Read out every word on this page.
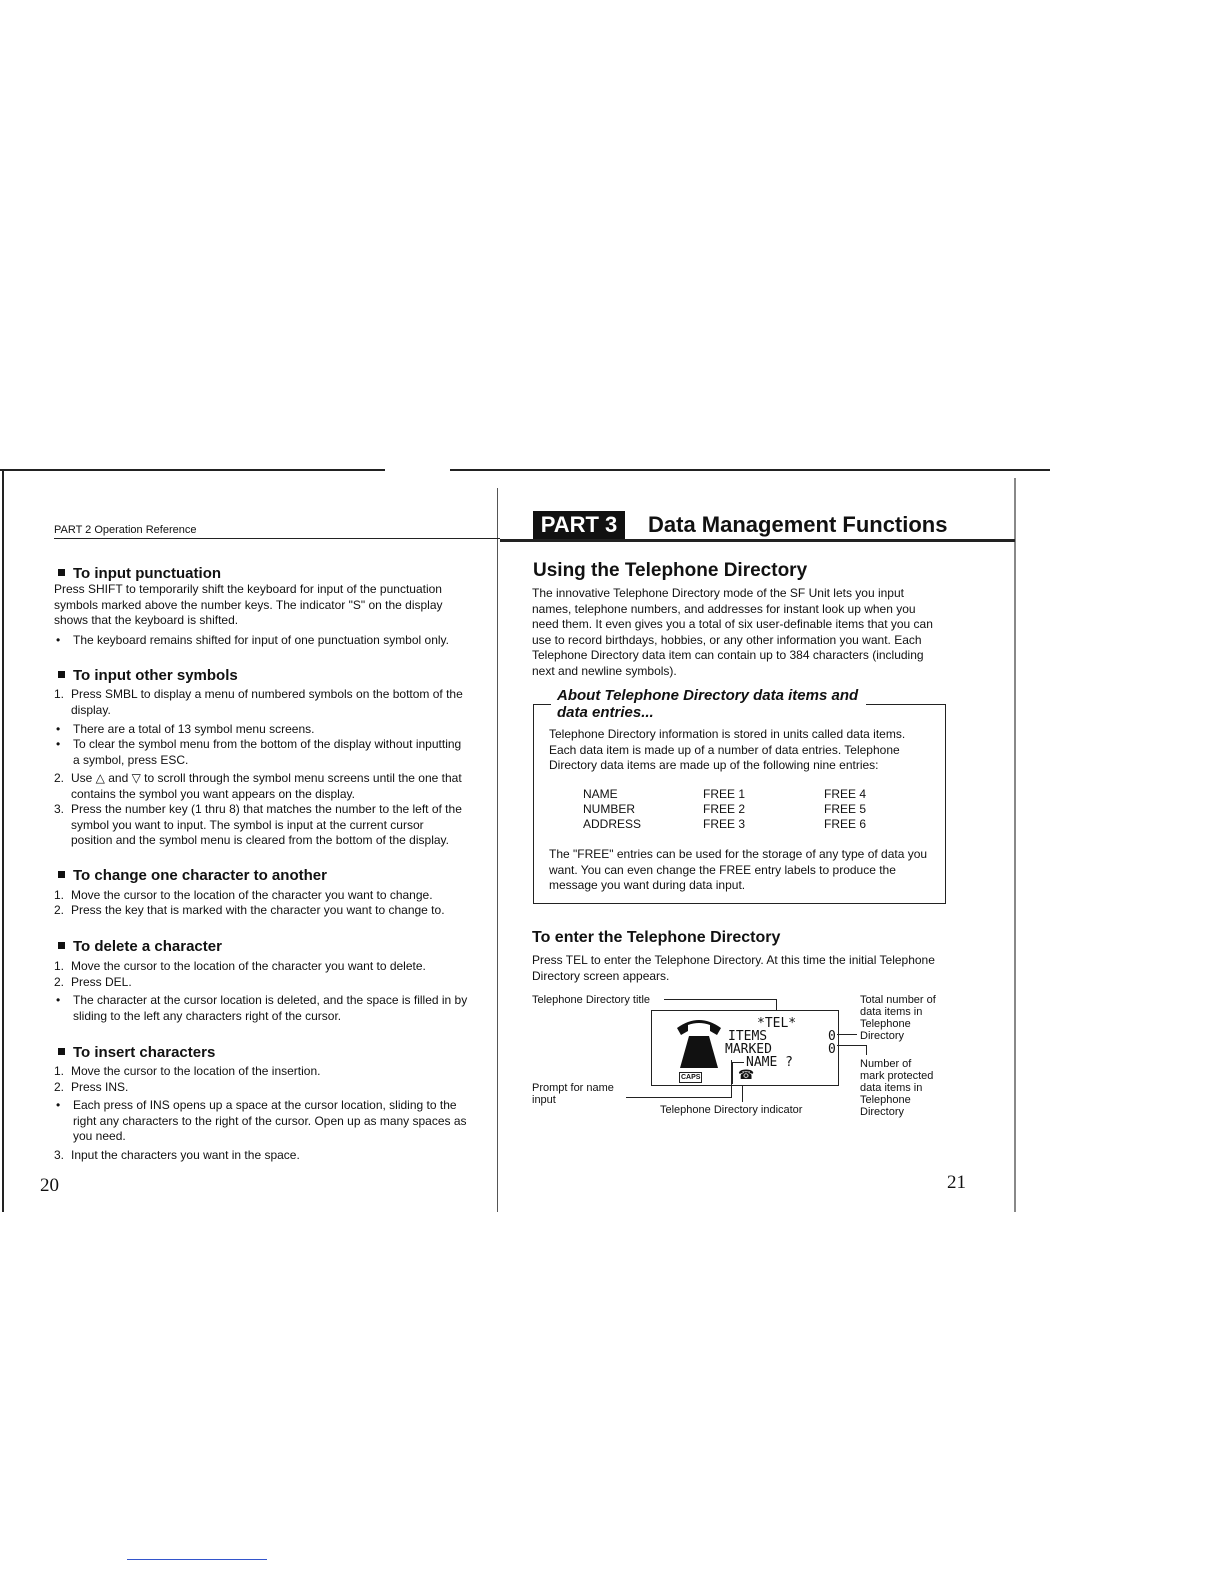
PART 2 Operation Reference
To input punctuation

Press SHIFT to temporarily shift the keyboard for input of the punctuation symbols marked above the number keys. The indicator "S" on the display shows that the keyboard is shifted.

• The keyboard remains shifted for input of one punctuation symbol only.
To input other symbols
1. Press SMBL to display a menu of numbered symbols on the bottom of the display.
• There are a total of 13 symbol menu screens.
• To clear the symbol menu from the bottom of the display without inputting a symbol, press ESC.
2. Use △ and ▽ to scroll through the symbol menu screens until the one that contains the symbol you want appears on the display.
3. Press the number key (1 thru 8) that matches the number to the left of the symbol you want to input. The symbol is input at the current cursor position and the symbol menu is cleared from the bottom of the display.
To change one character to another
1. Move the cursor to the location of the character you want to change.
2. Press the key that is marked with the character you want to change to.
To delete a character
1. Move the cursor to the location of the character you want to delete.
2. Press DEL.
• The character at the cursor location is deleted, and the space is filled in by sliding to the left any characters right of the cursor.
To insert characters
1. Move the cursor to the location of the insertion.
2. Press INS.
• Each press of INS opens up a space at the cursor location, sliding to the right any characters to the right of the cursor. Open up as many spaces as you need.
3. Input the characters you want in the space.
20
PART 3	Data Management Functions
Using the Telephone Directory

The innovative Telephone Directory mode of the SF Unit lets you input names, telephone numbers, and addresses for instant look up when you need them. It even gives you a total of six user-definable items that you can use to record birthdays, hobbies, or any other information you want. Each Telephone Directory data item can contain up to 384 characters (including next and newline symbols).

About Telephone Directory data items and
data entries...

Telephone Directory information is stored in units called data items. Each data item is made up of a number of data entries. Telephone Directory data items are made up of the following nine entries:

NAME	FREE 1	FREE 4
NUMBER	FREE 2	FREE 5
ADDRESS	FREE 3	FREE 6

The "FREE" entries can be used for the storage of any type of data you want. You can even change the FREE entry labels to produce the message you want during data input.

To enter the Telephone Directory

Press TEL to enter the Telephone Directory. At this time the initial Telephone Directory screen appears.

Telephone Directory title
*TEL*
ITEMS	0
MARKED	0
NAME ?
CAPS	☎
Total number of
data items in
Telephone
Directory
Number of
mark protected
data items in
Telephone
Directory
Prompt for name
input
Telephone Directory indicator
21
